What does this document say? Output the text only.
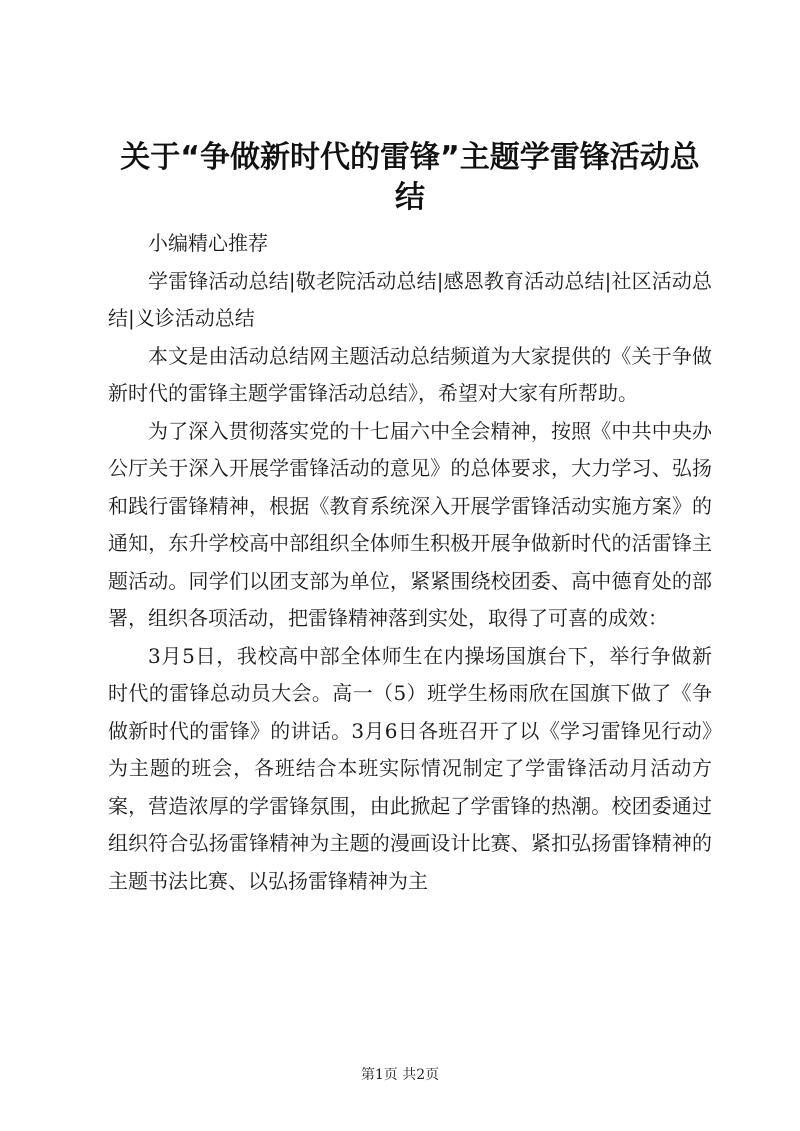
关于“争做新时代的雷锋”主题学雷锋活动总结

小编精心推荐

学雷锋活动总结|敬老院活动总结|感恩教育活动总结|社区活动总结|义诊活动总结

本文是由活动总结网主题活动总结频道为大家提供的《关于争做新时代的雷锋主题学雷锋活动总结》，希望对大家有所帮助。

为了深入贯彻落实党的十七届六中全会精神，按照《中共中央办公厅关于深入开展学雷锋活动的意见》的总体要求，大力学习、弘扬和践行雷锋精神，根据《教育系统深入开展学雷锋活动实施方案》的通知，东升学校高中部组织全体师生积极开展争做新时代的活雷锋主题活动。同学们以团支部为单位，紧紧围绕校团委、高中德育处的部署，组织各项活动，把雷锋精神落到实处，取得了可喜的成效：

3月5日，我校高中部全体师生在内操场国旗台下，举行争做新时代的雷锋总动员大会。高一（5）班学生杨雨欣在国旗下做了《争做新时代的雷锋》的讲话。3月6日各班召开了以《学习雷锋见行动》为主题的班会，各班结合本班实际情况制定了学雷锋活动月活动方案，营造浓厚的学雷锋氛围，由此掀起了学雷锋的热潮。校团委通过组织符合弘扬雷锋精神为主题的漫画设计比赛、紧扣弘扬雷锋精神的主题书法比赛、以弘扬雷锋精神为主

第1页 共2页
